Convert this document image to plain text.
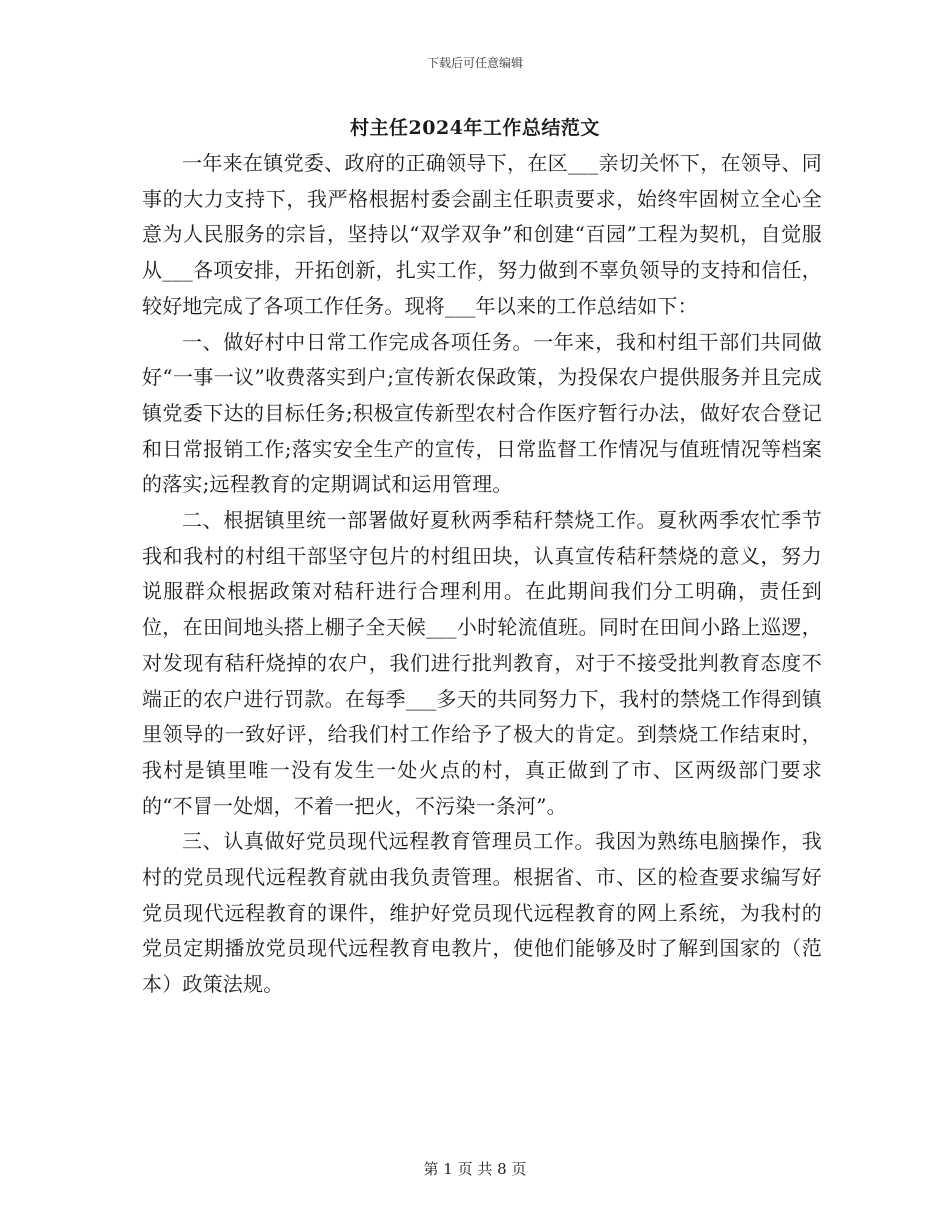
下载后可任意编辑
村主任2024年工作总结范文

一年来在镇党委、政府的正确领导下，在区___亲切关怀下，在领导、同事的大力支持下，我严格根据村委会副主任职责要求，始终牢固树立全心全意为人民服务的宗旨，坚持以“双学双争”和创建“百园”工程为契机，自觉服从___各项安排，开拓创新，扎实工作，努力做到不辜负领导的支持和信任，较好地完成了各项工作任务。现将___年以来的工作总结如下：

一、做好村中日常工作完成各项任务。一年来，我和村组干部们共同做好“一事一议”收费落实到户;宣传新农保政策，为投保农户提供服务并且完成镇党委下达的目标任务;积极宣传新型农村合作医疗暂行办法，做好农合登记和日常报销工作;落实安全生产的宣传，日常监督工作情况与值班情况等档案的落实;远程教育的定期调试和运用管理。

二、根据镇里统一部署做好夏秋两季秸秆禁烧工作。夏秋两季农忙季节我和我村的村组干部坚守包片的村组田块，认真宣传秸秆禁烧的意义，努力说服群众根据政策对秸秆进行合理利用。在此期间我们分工明确，责任到位，在田间地头搭上棚子全天候___小时轮流值班。同时在田间小路上巡逻，对发现有秸秆烧掉的农户，我们进行批判教育，对于不接受批判教育态度不端正的农户进行罚款。在每季___多天的共同努力下，我村的禁烧工作得到镇里领导的一致好评，给我们村工作给予了极大的肯定。到禁烧工作结束时，我村是镇里唯一没有发生一处火点的村，真正做到了市、区两级部门要求的“不冒一处烟，不着一把火，不污染一条河”。

三、认真做好党员现代远程教育管理员工作。我因为熟练电脑操作，我村的党员现代远程教育就由我负责管理。根据省、市、区的检查要求编写好党员现代远程教育的课件，维护好党员现代远程教育的网上系统，为我村的党员定期播放党员现代远程教育电教片，使他们能够及时了解到国家的（范本）政策法规。

第 1 页 共 8 页
